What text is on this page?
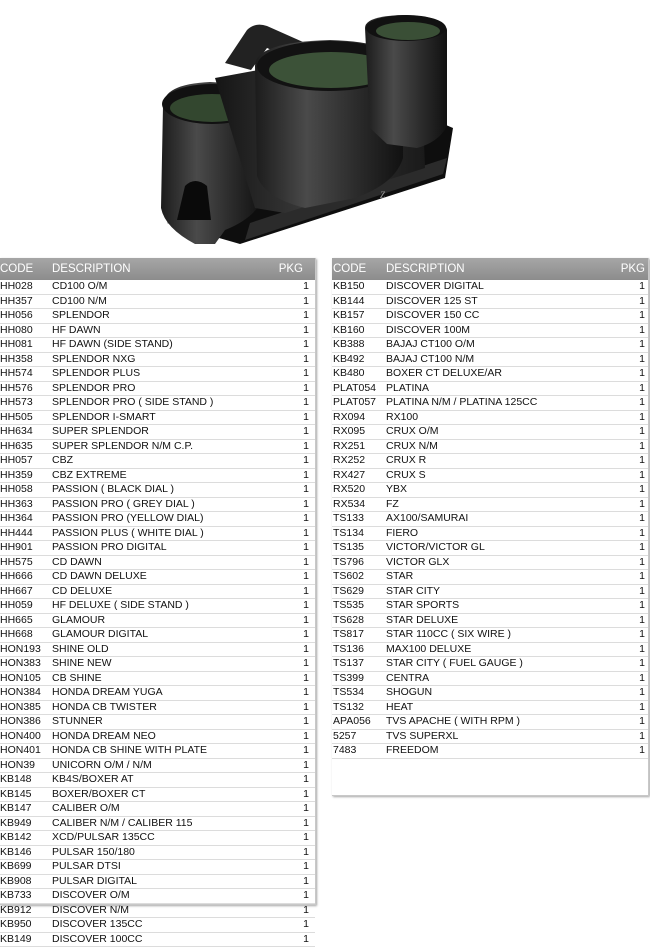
Z
CODE DESCRIPTION	PKG
HH028 CD100 O/M	1
HH357 CD100 N/M	1
HH056 SPLENDOR	1
HH080 HF DAWN	1
HH081 HF DAWN (SIDE STAND)	1
HH358 SPLENDOR NXG	1
HH574 SPLENDOR PLUS	1
HH576 SPLENDOR PRO	1
HH573 SPLENDOR PRO ( SIDE STAND )	1
HH505 SPLENDOR I-SMART	1
HH634 SUPER SPLENDOR	1
HH635 SUPER SPLENDOR N/M C.P.	1
HH057 CBZ	1
HH359 CBZ EXTREME	1
HH058 PASSION ( BLACK DIAL )	1
HH363 PASSION PRO ( GREY DIAL )	1
HH364 PASSION PRO (YELLOW DIAL)	1
HH444 PASSION PLUS ( WHITE DIAL )	1
HH901 PASSION PRO DIGITAL	1
HH575 CD DAWN	1
HH666 CD DAWN DELUXE	1
HH667 CD DELUXE	1
HH059 HF DELUXE ( SIDE STAND )	1
HH665 GLAMOUR	1
HH668 GLAMOUR DIGITAL	1
HON193 SHINE OLD	1
HON383 SHINE NEW	1
HON105 CB SHINE	1
HON384 HONDA DREAM YUGA	1
HON385 HONDA CB TWISTER	1
HON386 STUNNER	1
HON400 HONDA DREAM NEO	1
HON401 HONDA CB SHINE WITH PLATE	1
HON39 UNICORN O/M / N/M	1
KB148 KB4S/BOXER AT	1
KB145 BOXER/BOXER CT	1
KB147 CALIBER O/M	1
KB949 CALIBER N/M / CALIBER 115	1
KB142 XCD/PULSAR 135CC	1
KB146 PULSAR 150/180	1
KB699 PULSAR DTSI	1
KB908 PULSAR DIGITAL	1
KB733 DISCOVER O/M	1
KB912 DISCOVER N/M	1
KB950 DISCOVER 135CC	1
KB149 DISCOVER 100CC	1
CODE DESCRIPTION	PKG
KB150 DISCOVER DIGITAL	1
KB144 DISCOVER 125 ST	1
KB157 DISCOVER 150 CC	1
KB160 DISCOVER 100M	1
KB388 BAJAJ CT100 O/M	1
KB492 BAJAJ CT100 N/M	1
KB480 BOXER CT DELUXE/AR	1
PLAT054 PLATINA	1
PLAT057 PLATINA N/M / PLATINA 125CC	1
RX094 RX100	1
RX095 CRUX O/M	1
RX251 CRUX N/M	1
RX252 CRUX R	1
RX427 CRUX S	1
RX520 YBX	1
RX534 FZ	1
TS133 AX100/SAMURAI	1
TS134 FIERO	1
TS135 VICTOR/VICTOR GL	1
TS796 VICTOR GLX	1
TS602 STAR	1
TS629 STAR CITY	1
TS535 STAR SPORTS	1
TS628 STAR DELUXE	1
TS817 STAR 110CC ( SIX WIRE )	1
TS136 MAX100 DELUXE	1
TS137 STAR CITY ( FUEL GAUGE )	1
TS399 CENTRA	1
TS534 SHOGUN	1
TS132 HEAT	1
APA056 TVS APACHE ( WITH RPM )	1
5257	TVS SUPERXL	1
7483	FREEDOM	1
